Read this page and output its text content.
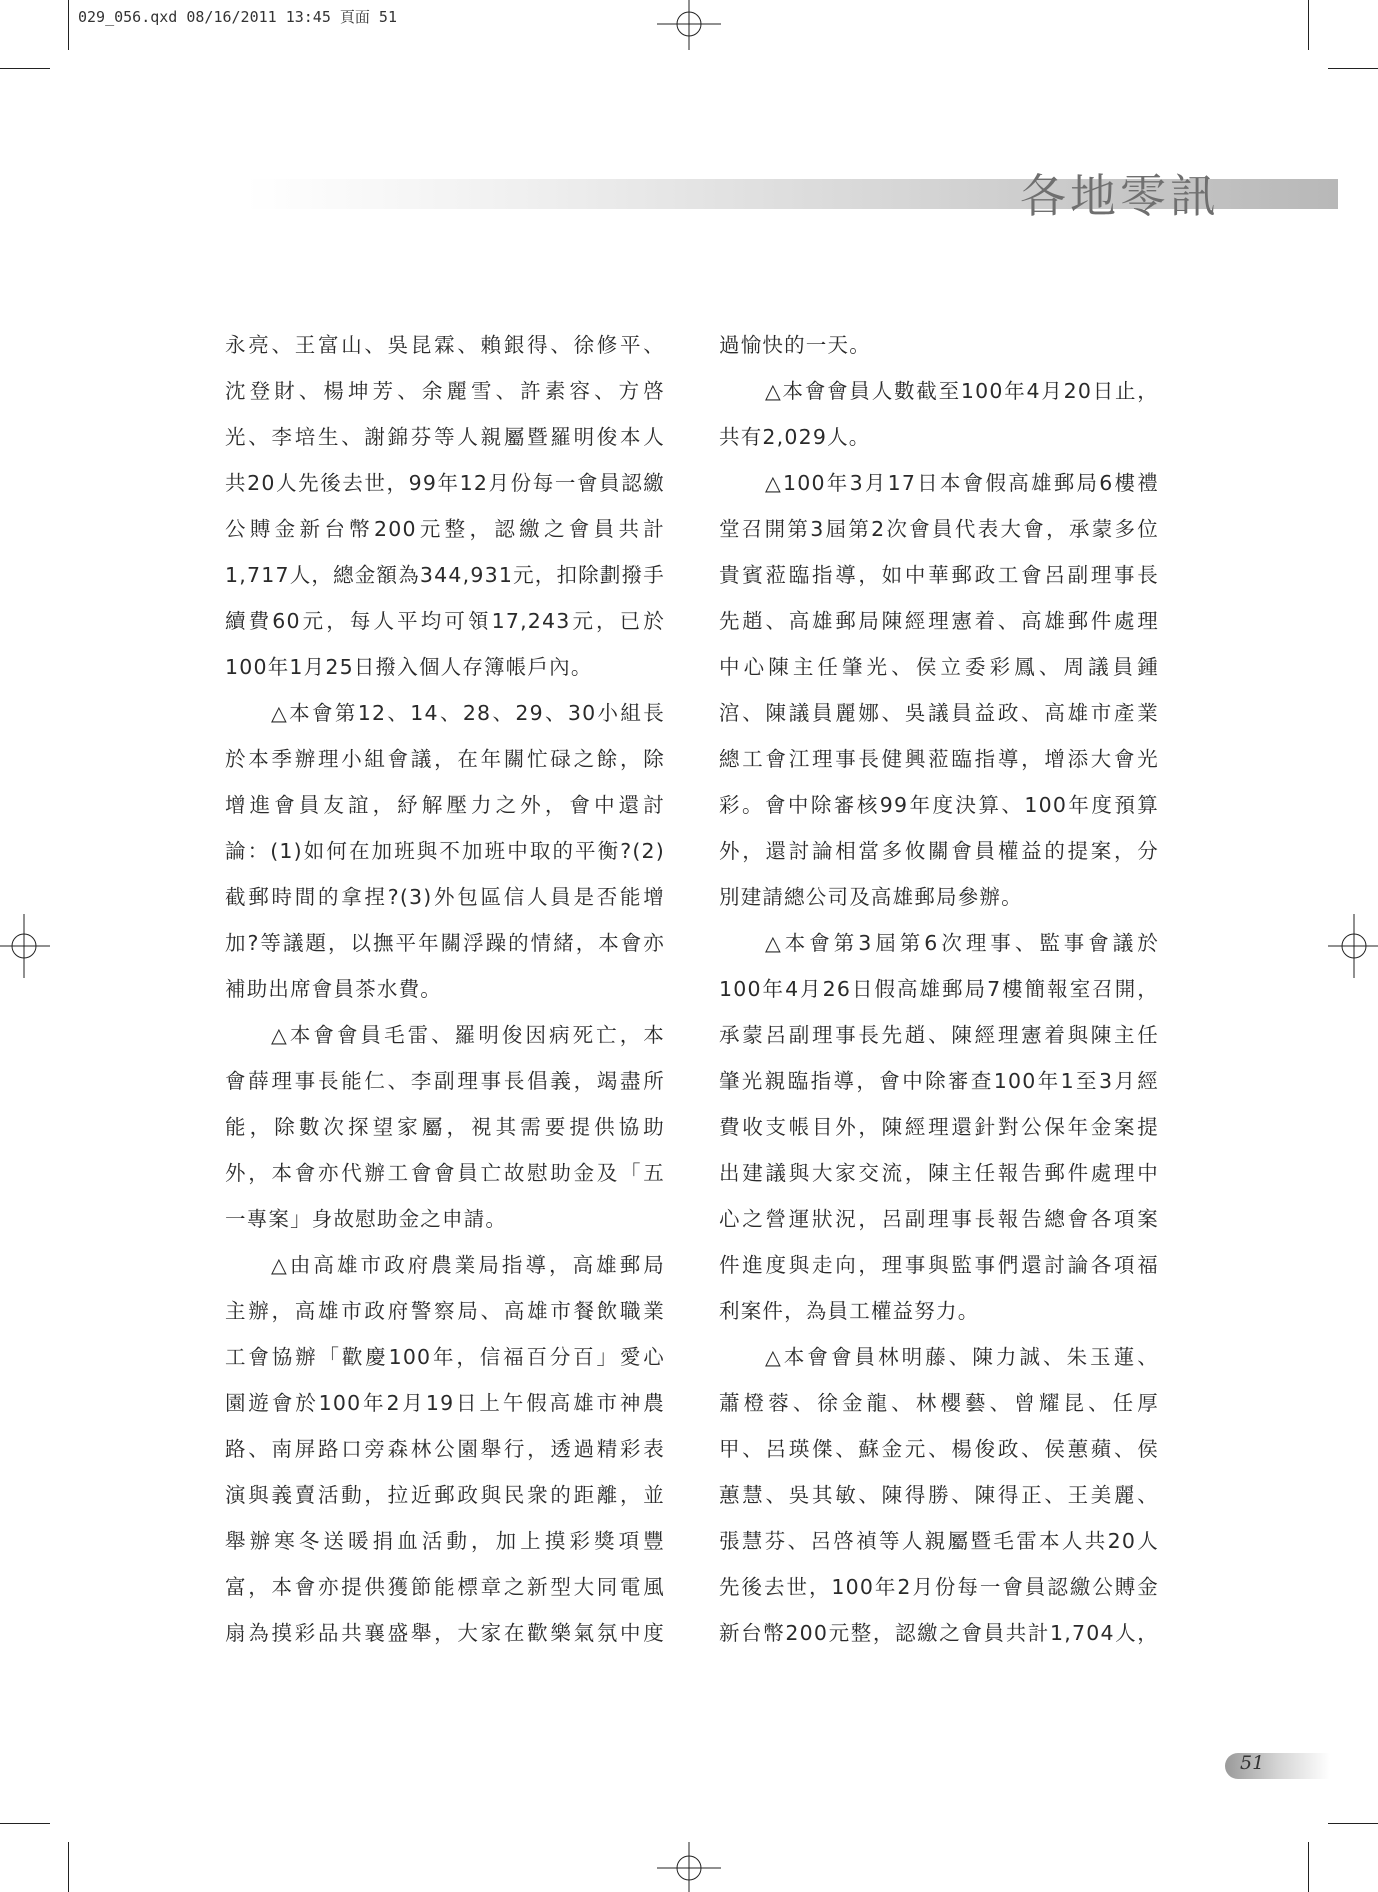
029_056.qxd 08/16/2011 13:45 頁面 51
各地零訊
永亮、王富山、吳昆霖、賴銀得、徐修平、
沈登財、楊坤芳、余麗雪、許素容、方啓
光、李培生、謝錦芬等人親屬暨羅明俊本人
共20人先後去世，99年12月份每一會員認繳
公賻金新台幣200元整，認繳之會員共計
1,717人，總金額為344,931元，扣除劃撥手
續費60元，每人平均可領17,243元，已於
100年1月25日撥入個人存簿帳戶內。
△本會第12、14、28、29、30小組長
於本季辦理小組會議，在年關忙碌之餘，除
增進會員友誼，紓解壓力之外，會中還討
論：(1)如何在加班與不加班中取的平衡?(2)
截郵時間的拿捏?(3)外包區信人員是否能增
加?等議題，以撫平年關浮躁的情緒，本會亦
補助出席會員茶水費。
△本會會員毛雷、羅明俊因病死亡，本
會薛理事長能仁、李副理事長倡義，竭盡所
能，除數次探望家屬，視其需要提供協助
外，本會亦代辦工會會員亡故慰助金及「五
一專案」身故慰助金之申請。
△由高雄市政府農業局指導，高雄郵局
主辦，高雄市政府警察局、高雄市餐飲職業
工會協辦「歡慶100年，信福百分百」愛心
園遊會於100年2月19日上午假高雄市神農
路、南屏路口旁森林公園舉行，透過精彩表
演與義賣活動，拉近郵政與民衆的距離，並
舉辦寒冬送暖捐血活動，加上摸彩獎項豐
富，本會亦提供獲節能標章之新型大同電風
扇為摸彩品共襄盛舉，大家在歡樂氣氛中度
過愉快的一天。
△本會會員人數截至100年4月20日止，
共有2,029人。
△100年3月17日本會假高雄郵局6樓禮
堂召開第3屆第2次會員代表大會，承蒙多位
貴賓蒞臨指導，如中華郵政工會呂副理事長
先趙、高雄郵局陳經理憲着、高雄郵件處理
中心陳主任肇光、侯立委彩鳳、周議員鍾
㴦、陳議員麗娜、吳議員益政、高雄市產業
總工會江理事長健興蒞臨指導，增添大會光
彩。會中除審核99年度決算、100年度預算
外，還討論相當多攸關會員權益的提案，分
別建請總公司及高雄郵局參辦。
△本會第3屆第6次理事、監事會議於
100年4月26日假高雄郵局7樓簡報室召開，
承蒙呂副理事長先趙、陳經理憲着與陳主任
肇光親臨指導，會中除審查100年1至3月經
費收支帳目外，陳經理還針對公保年金案提
出建議與大家交流，陳主任報告郵件處理中
心之營運狀況，呂副理事長報告總會各項案
件進度與走向，理事與監事們還討論各項福
利案件，為員工權益努力。
△本會會員林明藤、陳力誠、朱玉蓮、
蕭橙蓉、徐金龍、林櫻藝、曾耀昆、任厚
甲、呂瑛傑、蘇金元、楊俊政、侯蕙蘋、侯
蕙慧、吳其敏、陳得勝、陳得正、王美麗、
張慧芬、呂啓禎等人親屬暨毛雷本人共20人
先後去世，100年2月份每一會員認繳公賻金
新台幣200元整，認繳之會員共計1,704人，
51
